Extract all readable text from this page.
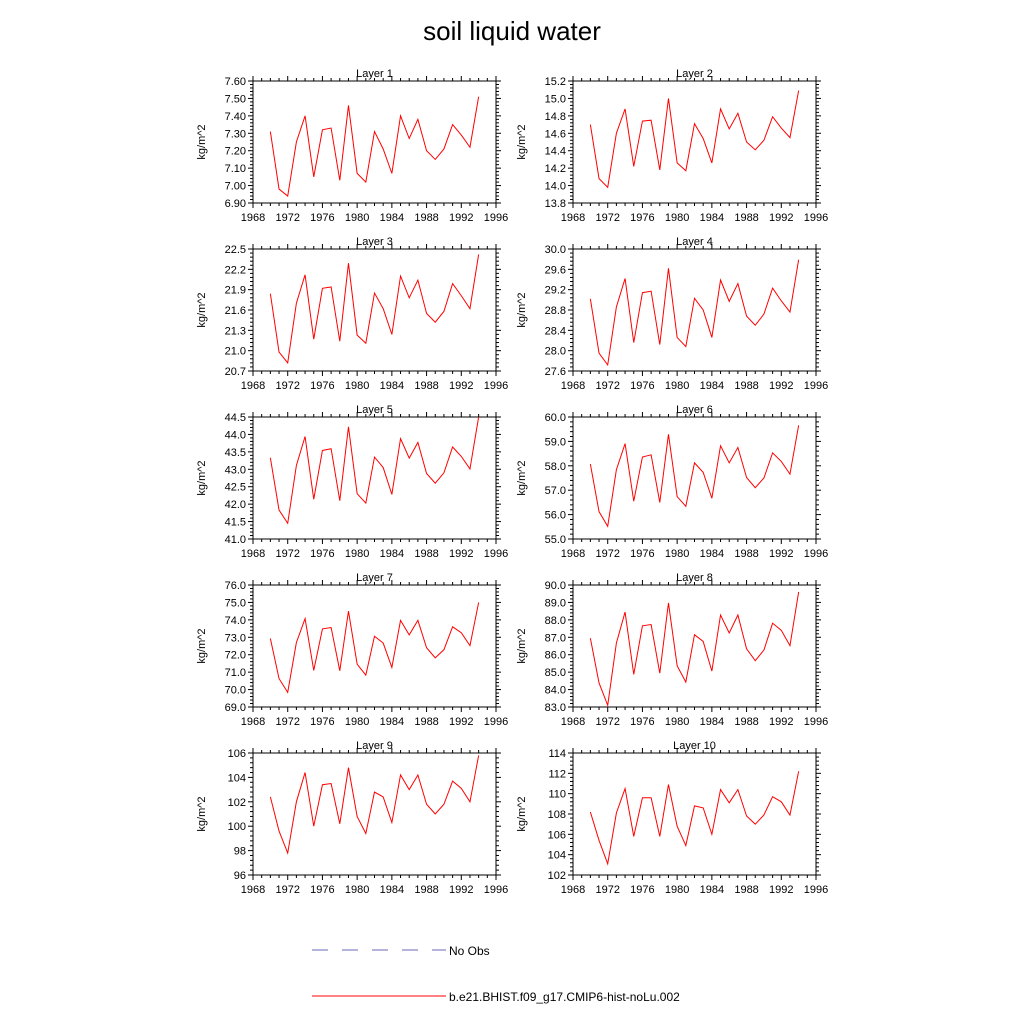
soil liquid water
Layer 1
1968 1972 1976 1980 1984 1988 1992 1996
6.90
7.00
7.10
7.20
7.30
7.40
7.50
7.60
kg/m^2
Layer 2
1968 1972 1976 1980 1984 1988 1992 1996
13.8
14.0
14.2
14.4
14.6
14.8
15.0
15.2
kg/m^2
Layer 3
1968 1972 1976 1980 1984 1988 1992 1996
20.7
21.0
21.3
21.6
21.9
22.2
22.5
kg/m^2
Layer 4
1968 1972 1976 1980 1984 1988 1992 1996
27.6
28.0
28.4
28.8
29.2
29.6
30.0
kg/m^2
Layer 5
1968 1972 1976 1980 1984 1988 1992 1996
41.0
41.5
42.0
42.5
43.0
43.5
44.0
44.5
kg/m^2
Layer 6
1968 1972 1976 1980 1984 1988 1992 1996
55.0
56.0
57.0
58.0
59.0
60.0
kg/m^2
Layer 7
1968 1972 1976 1980 1984 1988 1992 1996
69.0
70.0
71.0
72.0
73.0
74.0
75.0
76.0
kg/m^2
Layer 8
1968 1972 1976 1980 1984 1988 1992 1996
83.0
84.0
85.0
86.0
87.0
88.0
89.0
90.0
kg/m^2
Layer 9
1968 1972 1976 1980 1984 1988 1992 1996
96
98
100
102
104
106
kg/m^2
Layer 10
1968 1972 1976 1980 1984 1988 1992 1996
102
104
106
108
110
112
114
kg/m^2
No Obs
b.e21.BHIST.f09_g17.CMIP6-hist-noLu.002
